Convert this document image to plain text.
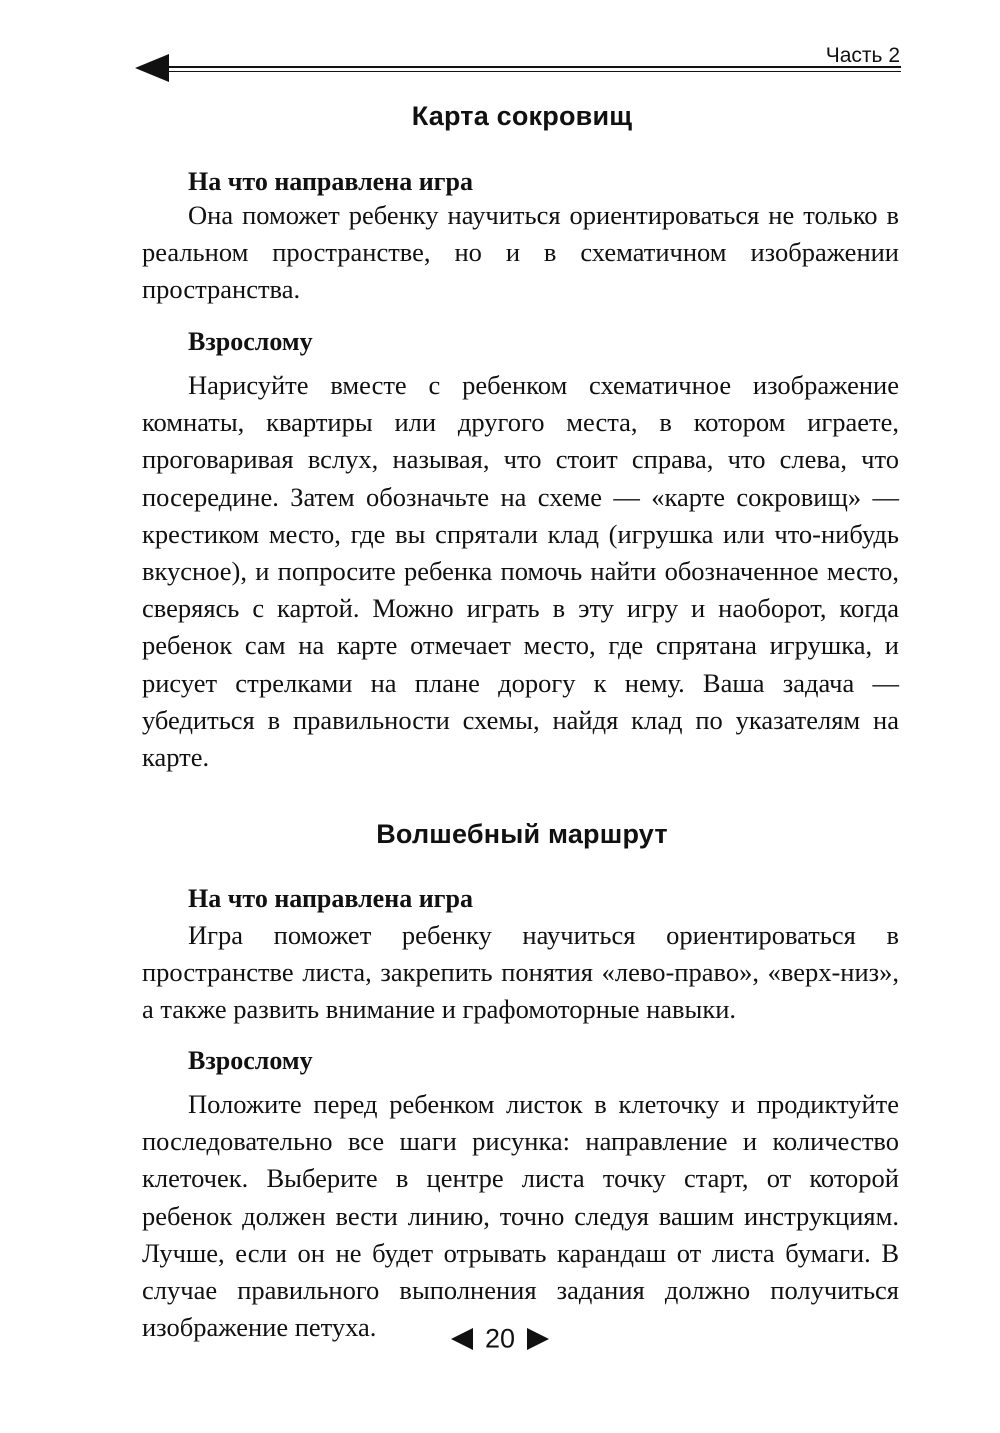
Часть 2
Карта сокровищ
На что направлена игра
Она поможет ребенку научиться ориентироваться не только в реальном пространстве, но и в схематичном изображении пространства.
Взрослому
Нарисуйте вместе с ребенком схематичное изображение комнаты, квартиры или другого места, в котором играете, проговаривая вслух, называя, что стоит справа, что слева, что посередине. Затем обозначьте на схеме — «карте сокровищ» — крестиком место, где вы спрятали клад (игрушка или что-нибудь вкусное), и попросите ребенка помочь найти обозначенное место, сверяясь с картой. Можно играть в эту игру и наоборот, когда ребенок сам на карте отмечает место, где спрятана игрушка, и рисует стрелками на плане дорогу к нему. Ваша задача — убедиться в правильности схемы, найдя клад по указателям на карте.
Волшебный маршрут
На что направлена игра
Игра поможет ребенку научиться ориентироваться в пространстве листа, закрепить понятия «лево-право», «верх-низ», а также развить внимание и графомоторные навыки.
Взрослому
Положите перед ребенком листок в клеточку и продиктуйте последовательно все шаги рисунка: направление и количество клеточек. Выберите в центре листа точку старт, от которой ребенок должен вести линию, точно следуя вашим инструкциям. Лучше, если он не будет отрывать карандаш от листа бумаги. В случае правильного выполнения задания должно получиться изображение петуха.	20
